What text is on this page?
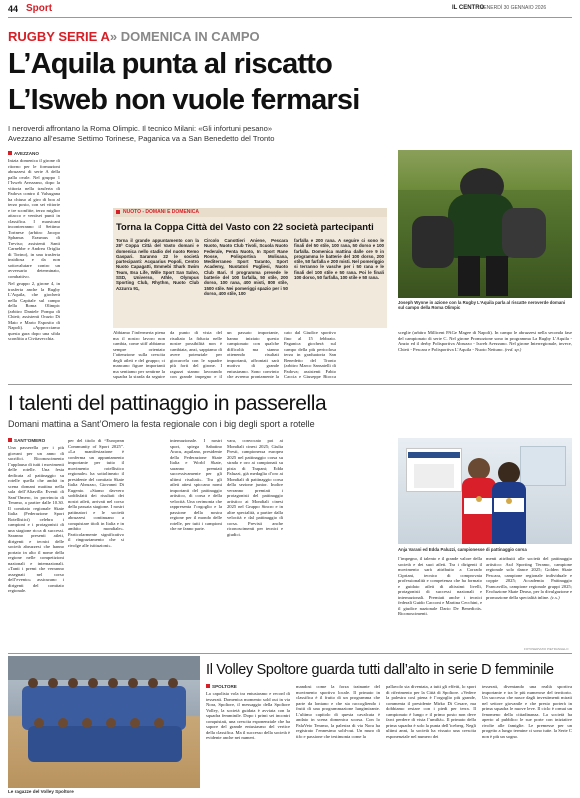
44 Sport	IL CENTRO
VENERDÌ 30 GENNAIO 2026
RUGBY SERIE A» DOMENICA IN CAMPO
L’Aquila punta al riscatto
L’Isweb non vuole fermarsi
I neroverdi affrontano la Roma Olimpic. Il tecnico Milani: «Gli infortuni pesano»
Avezzano all’esame Settimo Torinese, Paganica va a San Benedetto del Tronto
AVEZZANO

Inizia domenica il girone di ritorno per le formazioni abruzzesi di serie A della palla ovale. Nel gruppo 1 l’Isweb Avezzano, dopo la vittoria nella trasferta di Padova contro il Valsugana ha chiuso al giro di boa al terzo posto, con sei vittorie e tre sconfitte, terzo miglior attacco e ventisei punti in classifica. I marsicani incontreranno il Settimo Torinese (arbitro Jacopo Sphanus Erasmus di Treviso; assistenti Santi Carnebbe e Andrea Origlia di Torino), in una trasferta insidiosa e da non sottovalutare contro un avversario determinato, combattivo.

Nel gruppo 2, girone 4, in trasferta anche la Rugby L’Aquila, che giocherà nella Capitale sul campo della Roma Olimpic (arbitro Daniele Pompa di Chieti; assistenti Orazio Di Maio e Mario Esposito di Napoli). «Approcciamo questa gara dopo una sfida sconfitta a Civitavecchia.

NUOTO - DOMANI E DOMENICA
Torna la Coppa Città del Vasto con 22 società partecipanti
Torna il grande appuntamento con la 28ª Coppa Città del Vasto domani e domenica nello stadio del nuoto Remo Gaspari. Saranno 22 le società partecipanti: Acquarius Popoli, Centro Nuoto Capagatti, Emmebi Shark Swim Team, Esa Life, Wille Sport San Salvo, SSD, Universo, Athle, Olympus Sporting Club, Rhythm, Nuoto Club Azzurra 91,
Circolo Canottieri Aniene, Pescara Nuoto, Nuoto Club Tivoli, Scuola Nuoto Federale, Penta Nuoto, In Sport Rane Rosse, Polisportiva Molisana, Mediterraneo Sport Taranto, Sport Academy, Nuotatori Pugliesi, Nuoto Club Bari. Il programma prevede le batterie del 100 farfalla, 50 stile, 200 dorso, 100 rana, 400 misti, 800 stile, 1500 stile. Nei pomeriggi spazio per i 50 dorso, 400 stile, 100
farfalla e 200 rana. A seguire ci sono le finali del 50 stile, 100 rana, 50 dorso e 100 farfalla. Domenica mattina dalle ore 9 in programma le batterie del 100 dorso, 200 stile, 50 farfalla e 200 misti. Nel pomeriggio si terranno le vasche per i 50 rana e le finali del 100 stile e 50 rana. Poi le finali 100 dorso, 50 farfalla, 100 stile e 50 rana.
Abbiamo l’infermeria piena ma il nostro lavoro non cambia, come stiff abbiamo sempre orientato l’attenzione sulla crescita degli atleti e del gruppo; ci mancano figure importanti ma sentiamo per sentirne la squadra la strada da seguire
da punto di vista del risultato la fiducia nelle nostre possibilità non è cambiata, anzi, sappiamo di avere potenziale per giocarcela con le squadre più forti del girone. I ragazzi stanno lavorando con grande impegno e il
un passato importante, hanno iniziato questo campionato con qualche difficoltà ma stanno ottenendo risultati importanti, affrontati sarà motivo di grande entusiasmo. Sono convinto che avremo prontamente la
cato dal Giudice sportivo fino al 15 febbraio. Paganica giocherà sul campo della più pericolosa terza in graduatoria San Benedetto del Tronto (arbitro Marco Sansatelli di Padova; assistenti Fabio Caccia e Giuseppe Biocca
sceglie (arbitro Millicent PAGe Magee di Napoli). In campo le abruzzesi nella seconda fase del campionato di serie C. Nel girone Promozione sono in programma La Rugby L’Aquila - Anzio ed il derby Polisportiva Abruzzo - Isweb Avezzano. Nel girone Interregionale, invece, Chieti - Pescara e Polisportiva L’Aquila - Nuoto Nettuno. (red. sp.)
Joseph Wynne in azione con la Rugby L’Aquila parla al riscatte neroverde domani sul campo della Roma Olimpic
I talenti del pattinaggio in passerella
Domani mattina a Sant’Omero la festa regionale con i big degli sport a rotelle
SANT’OMERO
Una passerella per i più giovani per un anno di sacrifici. Riconoscimento l’applauso di tutti i movimenti delle rotelle. Una festa dedicata al pattinaggio su rotelle quella che andrà in scena domani mattina nella sala dell’Altavilla Eventi di Sant’Omero, in provincia di Teramo, a partire dalle 10.30. Il comitato regionale Skate Italia (Federazione Sport Rotellistici) celebra i campioni e i protagonisti di una stagione ricca di successi. Saranno presenti atleti, dirigenti e tecnici delle società abruzzesi che hanno portato in alto il nome della regione nelle competizioni nazionali e internazionali. «Tanti i premi che verranno assegnati nel corso dell’evento» assicurano i dirigenti del comitato regionale.
per del titolo di “European Community of Sport 2025”. «La manifestazione è conferma un appuntamento importante per tutto il movimento rotellistico regionale» ha sottolineato il presidente del comitato Skate Italia Abruzzo, Giovanni Di Eugenio. «Siamo davvero soddisfatti dei risultati dei nostri atleti, arrivati nel corso della passata stagione. I nostri pattinatori e le società abruzzesi continuano a conquistare titoli in Italia e in ambito mondiale». Particolarmente significativo il ringraziamento che si rivolge alle istituzioni».
internazionale. I nostri sport, spiega Sabatino Aracu, aquilano, presidente della Federazione Skate Italia e World Skate, saranno premiati successivamente per gli ultimi risultati». Tra gli atleti attesi spiccano nomi importanti del pattinaggio artistico, di corsa e della velocità. Una cerimonia che rappresenta l’orgoglio e la passione della nostra regione per il mondo delle rotelle, per tutti i campioni che ne fanno parte.
vara, convocato poi ai Mondiali cinesi 2025; Giulia Presti, campionessa europea 2025 nel pattinaggio corsa su strada e oro ai campionati su pista di Trapani; Edda Paluzzi, già medaglia d’oro ai Mondiali di pattinaggio corsa della sezione junior. Inoltre verranno premiati i protagonisti del pattinaggio artistico ai Mondiali cinesi 2025 nel Gruppo Sincro e in altre specialità, a partire dalla velocità e dal pattinaggio di corsa. Previsti anche riconoscimenti per tecnici e giudici.
l’impegno, il talento e il grande valore della società e dei suoi atleti. Tra i dirigenti il movimento sarà attribuito a Corrado Cipriani, tecnico di comprovata professionalità e competenza che ha formato e guidato atleti di altissimi livelli, protagonisti di successi nazionali e internazionali. Premiati anche i tecnici federali Guido Cacconi e Martina Cecchini, e il giudice nazionale Dario De Benedictis. Riconoscimenti.
menti attribuiti alle società del pattinaggio artistico: Asd Sporting Teramo, campione regionale solo dance 2025; Golden Skate Pescara, campione regionale individuale e coppie 2025; Accademia Pattinaggio Francavilla, campione regionale gruppi 2025; Evoluzione Skate Deaso, per la divulgazione e promozione della specialità inline. (c.s.)
Anja Varani ed Edda Paluzzi, campionesse di pattinaggio corsa
FOTOSERVIZIO PIETRANGELO
Le ragazze del Volley Spoltore
Il Volley Spoltore guarda tutti dall’alto in serie D femminile
SPOLTORE
La capolista vola tra entusiasmo e record di tesserati. Domenica momento sold out in via Nora, Spoltore, il messaggio della Spoltore Volley, la società guidata è avviata con la squadra femminile. Dopo i primi sei incontri conquistati, una crescita esponenziale che ha sapore del grande entusiasmo del vertice della classifica. Ma il successo della società è evidente anche nei numeri.
mandosi come la forza trainante del movimento sportivo locale. Il primato in classifica è il frutto di un programma che parte da lontano e che sta raccogliendo i frutti di una programmazione lungimirante. L’ultimo capitolo di questa cavalcata è andato in scena domenica scorsa. Con lo PalaVeio Teramo, la palestra di via Nora ha registrato l’ennesimo sold-out. Un muro di tifo e passione che testimonia come la
pallavolo sia diventata, a tutti gli effetti, lo sport di riferimento per la Città di Spoltore. «Vedere la palestra così piena è l’orgoglio più grande, commenta il presidente Mirko Di Cesare, ma dobbiamo restare con i piedi per terra. Il campionato è lungo e il primo posto non deve farci perdere di vista l’umiltà». Il primato della prima squadra è solo la punta dell’iceberg. Negli ultimi anni, la società ha vissuto una crescita esponenziale nel numero dei
tesserati, diventando una realtà sportiva importante e tra le più numerose del territorio. Un successo che nasce dagli investimenti mirati nel settore giovanile e che presto porterà in prima squadra le nuove leve. Il ciclo è ormai un fenomeno della cittadinanza. La società ha aperto al pubblico le sue porte con iniziative rivolte alle famiglie. Le premesse per un progetto a lungo termine ci sono tutte. la Serie C non è più un sogno.
